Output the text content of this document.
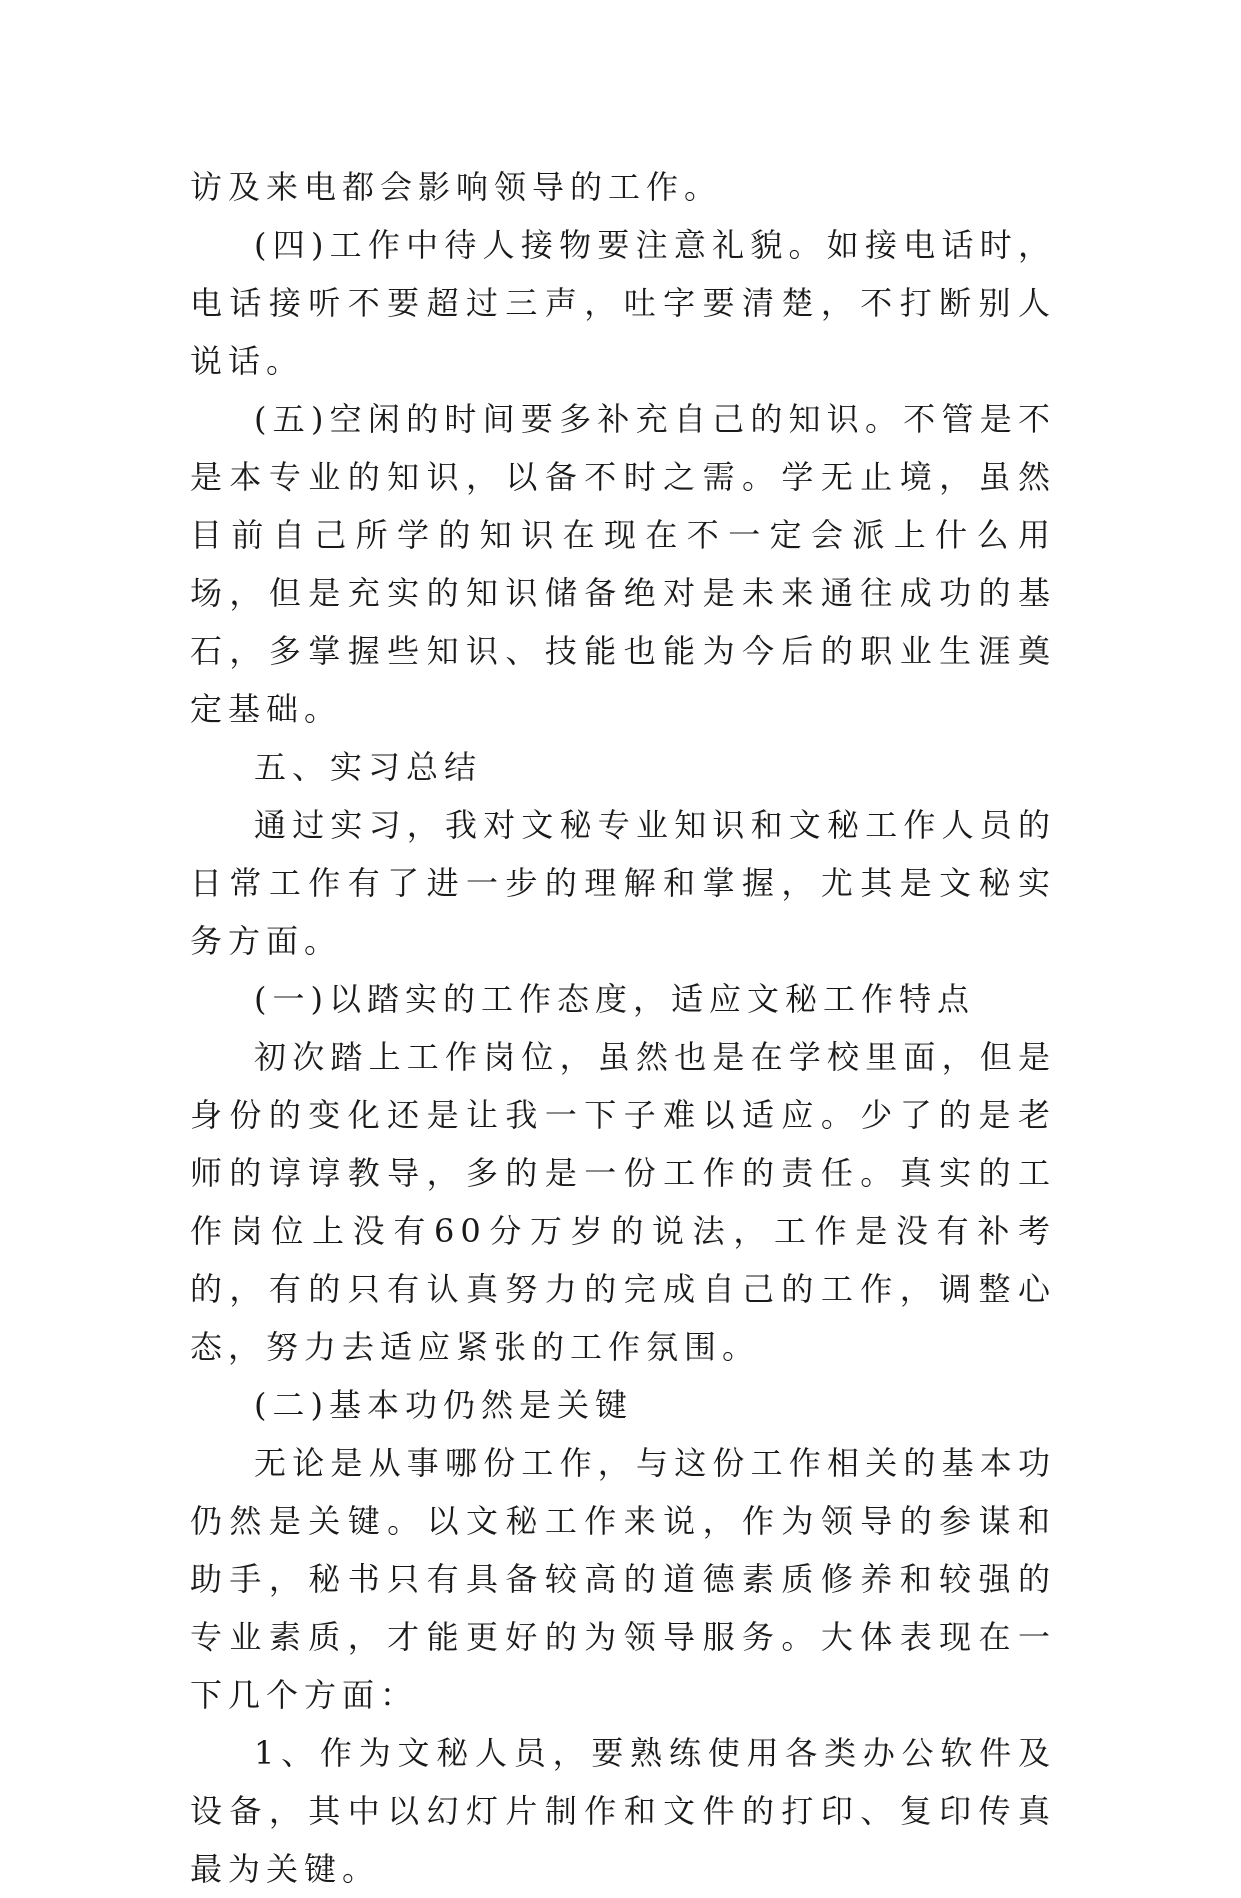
访及来电都会影响领导的工作。

(四)工作中待人接物要注意礼貌。如接电话时，电话接听不要超过三声，吐字要清楚，不打断别人说话。

(五)空闲的时间要多补充自己的知识。不管是不是本专业的知识，以备不时之需。学无止境，虽然目前自己所学的知识在现在不一定会派上什么用场，但是充实的知识储备绝对是未来通往成功的基石，多掌握些知识、技能也能为今后的职业生涯奠定基础。

五、实习总结

通过实习，我对文秘专业知识和文秘工作人员的日常工作有了进一步的理解和掌握，尤其是文秘实务方面。

(一)以踏实的工作态度，适应文秘工作特点

初次踏上工作岗位，虽然也是在学校里面，但是身份的变化还是让我一下子难以适应。少了的是老师的谆谆教导，多的是一份工作的责任。真实的工作岗位上没有60分万岁的说法，工作是没有补考的，有的只有认真努力的完成自己的工作，调整心态，努力去适应紧张的工作氛围。

(二)基本功仍然是关键

无论是从事哪份工作，与这份工作相关的基本功仍然是关键。以文秘工作来说，作为领导的参谋和助手，秘书只有具备较高的道德素质修养和较强的专业素质，才能更好的为领导服务。大体表现在一下几个方面：

1、作为文秘人员，要熟练使用各类办公软件及设备，其中以幻灯片制作和文件的打印、复印传真最为关键。
